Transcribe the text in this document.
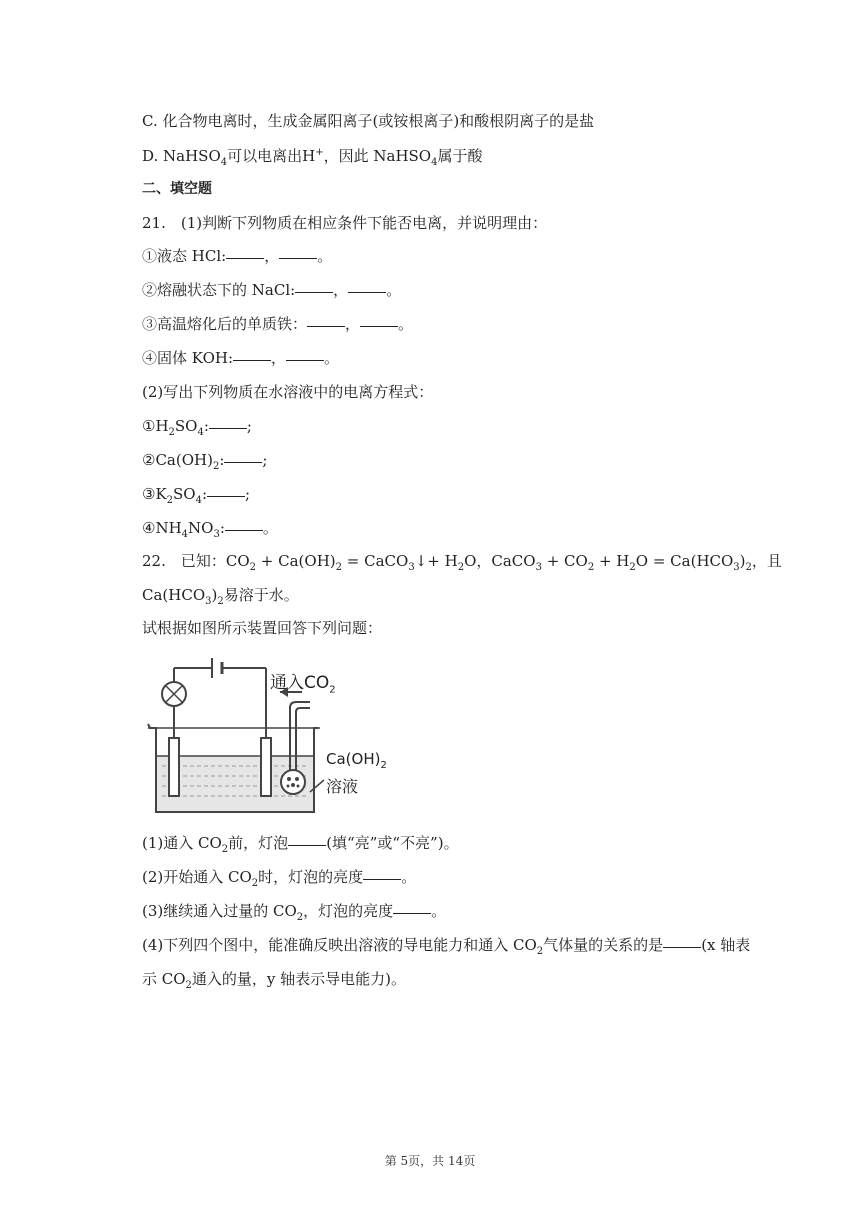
C. 化合物电离时，生成金属阳离子(或铵根离子)和酸根阴离子的是盐
D. NaHSO$_4$可以电离出H+，因此 NaHSO$_4$属于酸
二、填空题
21. (1)判断下列物质在相应条件下能否电离，并说明理由：
①液态 HCl:	，	。
②熔融状态下的 NaCl:	，	。
③高温熔化后的单质铁：	，	。
④固体 KOH:	，	。
(2)写出下列物质在水溶液中的电离方程式：
$①H_2SO_4$:	;
$②Ca(OH)_2$:	;
$③K_2SO_4$:	;
$④NH_4NO_3$:	。
22. 已知：$CO_2 + Ca(OH)_2$ = CaCO$_3$↓+ $H_2O$，CaCO$_3$ + $CO_2 + H_2O = Ca(HCO_3)_2$，且
$Ca(HCO_3)_2$易溶于水。
试根据如图所示装置回答下列问题：
通入$CO_2$
$Ca(OH)_2$
溶液
(1)通入 $CO_2$前，灯泡	(填“亮”或“不亮”)。
(2)开始通入 $CO_2$时，灯泡的亮度	。
(3)继续通入过量的 $CO_2$，灯泡的亮度	。
(4)下列四个图中，能准确反映出溶液的导电能力和通入 $CO_2$气体量的关系的是	(x 轴表
示 $CO_2$通入的量，y 轴表示导电能力)。
第 5页，共 14页
